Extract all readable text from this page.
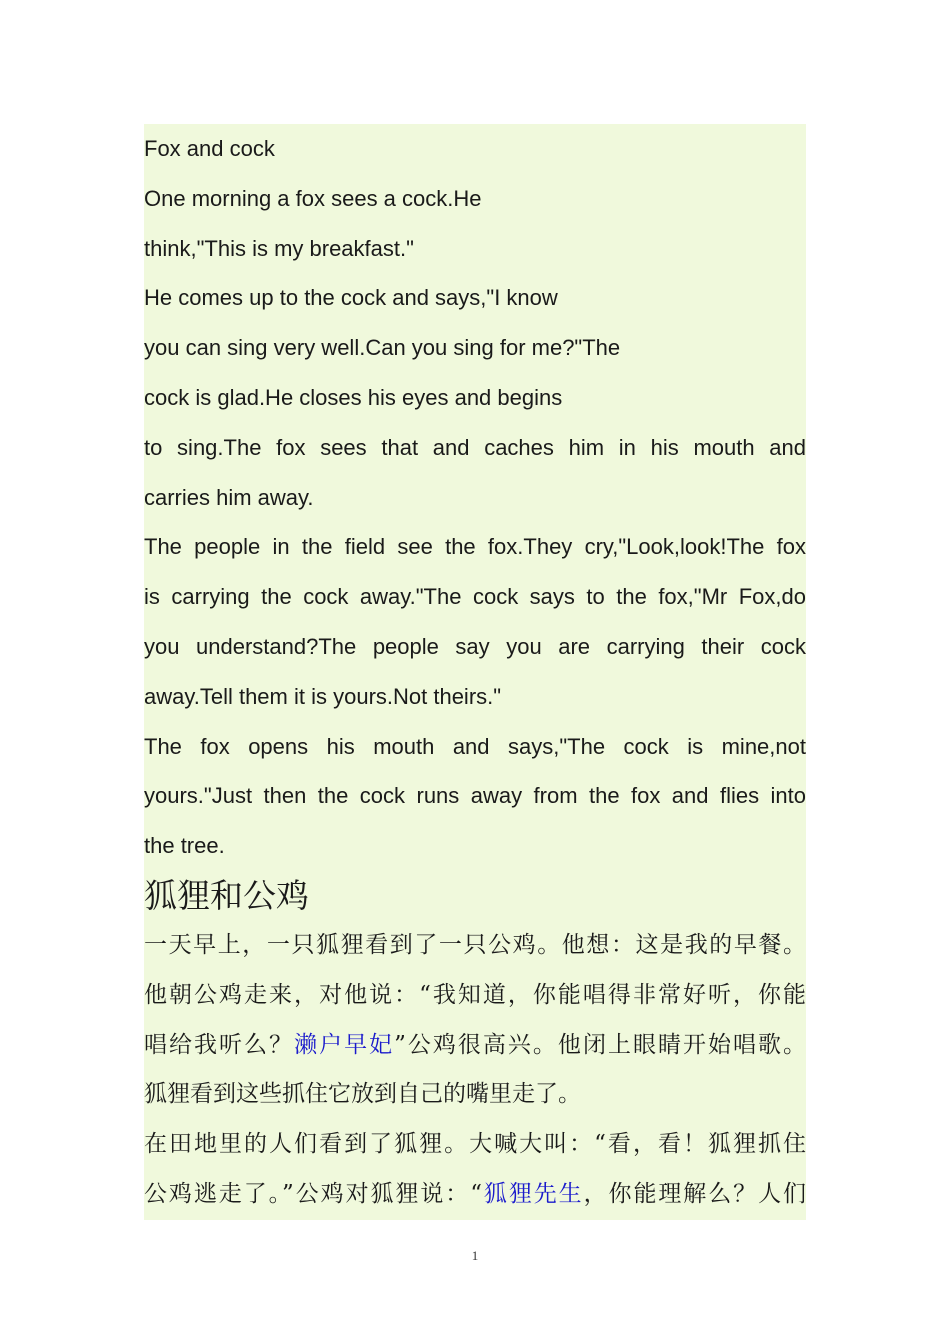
Fox and cock
One morning a fox sees a cock.He
think,"This is my breakfast."
He comes up to the cock and says,"I know
you can sing very well.Can you sing for me?"The
cock is glad.He closes his eyes and begins
to sing.The fox sees that and caches him in his mouth and
carries him away.
The people in the field see the fox.They cry,"Look,look!The fox
is carrying the cock away."The cock says to the fox,"Mr Fox,do
you understand?The people say you are carrying their cock
away.Tell them it is yours.Not theirs."
The fox opens his mouth and says,"The cock is mine,not
yours."Just then the cock runs away from the fox and flies into
the tree.
狐狸和公鸡
一天早上，一只狐狸看到了一只公鸡。他想：这是我的早餐。
他朝公鸡走来，对他说：“我知道，你能唱得非常好听，你能
唱给我听么？濑户早妃”公鸡很高兴。他闭上眼睛开始唱歌。
狐狸看到这些抓住它放到自己的嘴里走了。
在田地里的人们看到了狐狸。大喊大叫：“看，看！狐狸抓住
公鸡逃走了。”公鸡对狐狸说：“狐狸先生，你能理解么？人们
1
